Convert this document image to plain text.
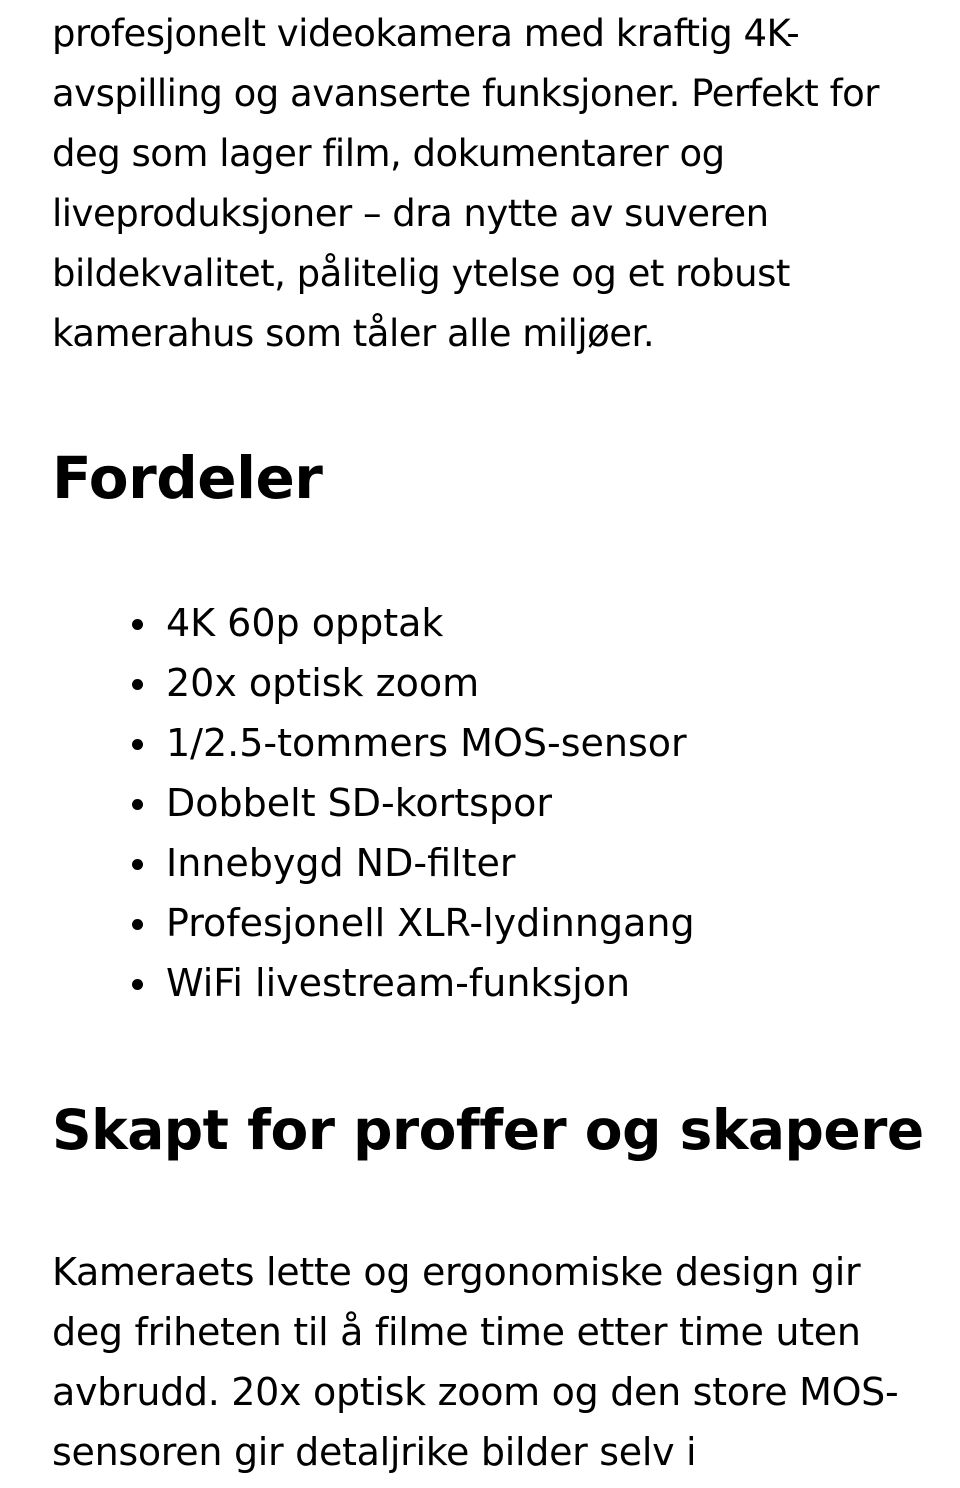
profesjonelt videokamera med kraftig 4K-avspilling og avanserte funksjoner. Perfekt for deg som lager film, dokumentarer og liveproduksjoner – dra nytte av suveren bildekvalitet, pålitelig ytelse og et robust kamerahus som tåler alle miljøer.

Fordeler
4K 60p opptak
20x optisk zoom
1/2.5-tommers MOS-sensor
Dobbelt SD-kortspor
Innebygd ND-filter
Profesjonell XLR-lydinngang
WiFi livestream-funksjon
Skapt for proffer og skapere

Kameraets lette og ergonomiske design gir deg friheten til å filme time etter time uten avbrudd. 20x optisk zoom og den store MOS-sensoren gir detaljrike bilder selv i
